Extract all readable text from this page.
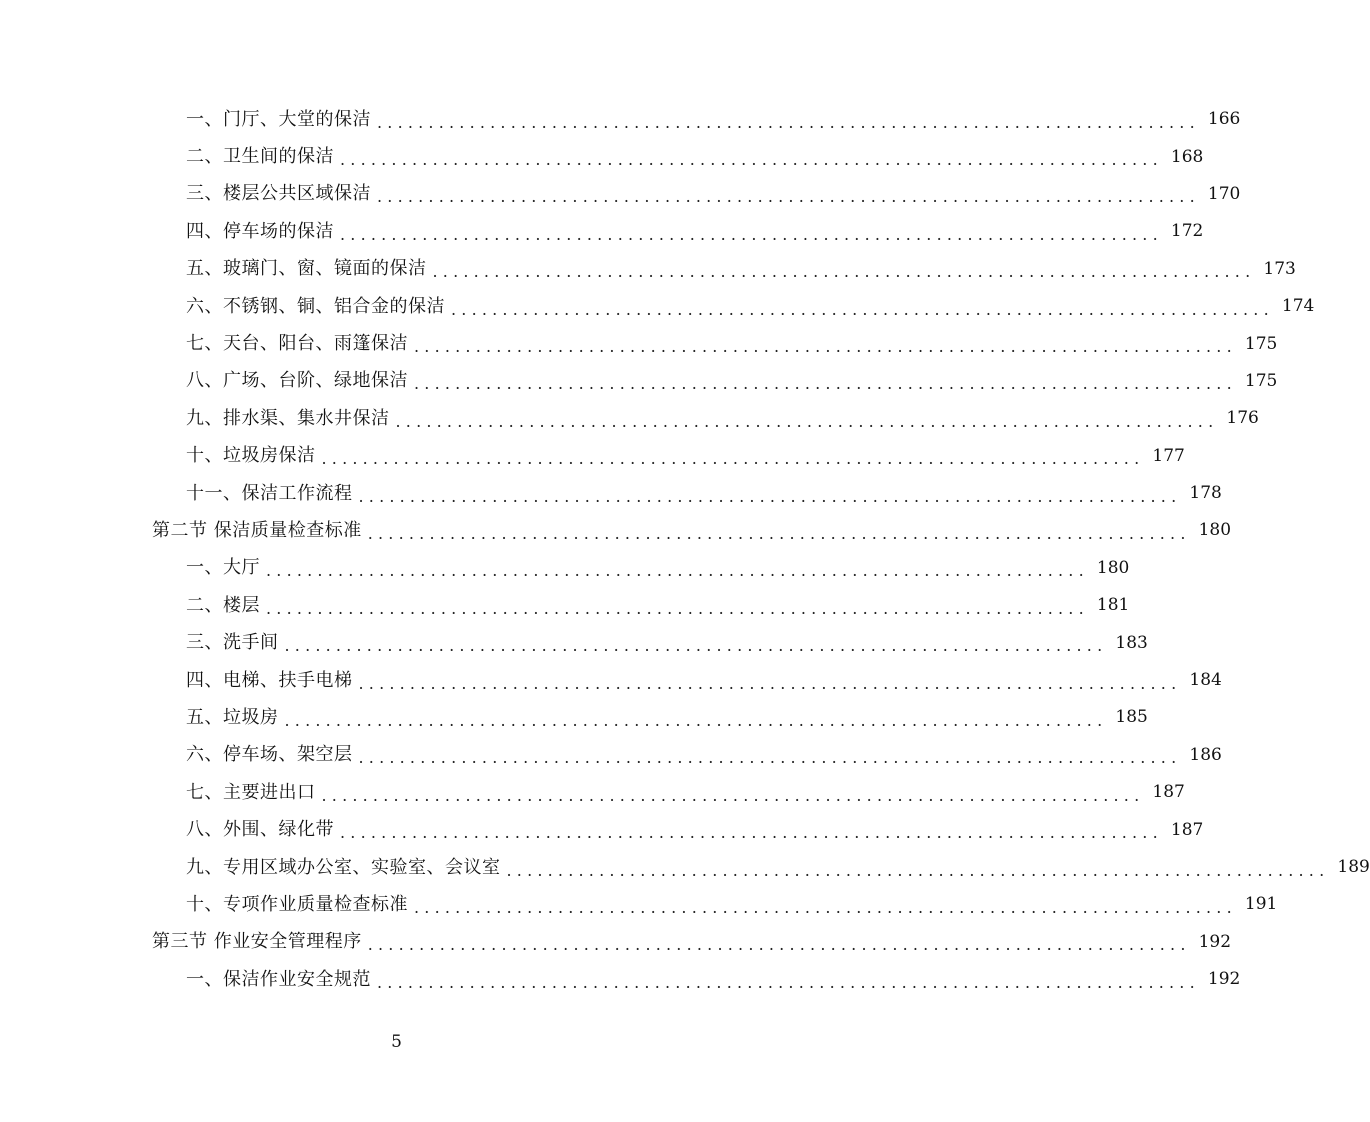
一、门厅、大堂的保洁 ................................................................................ 166
二、卫生间的保洁 ................................................................................ 168
三、楼层公共区域保洁 ................................................................................ 170
四、停车场的保洁 ................................................................................ 172
五、玻璃门、窗、镜面的保洁 ................................................................................ 173
六、不锈钢、铜、铝合金的保洁 ................................................................................ 174
七、天台、阳台、雨篷保洁 ................................................................................ 175
八、广场、台阶、绿地保洁 ................................................................................ 175
九、排水渠、集水井保洁 ................................................................................ 176
十、垃圾房保洁 ................................................................................ 177
十一、保洁工作流程 ................................................................................ 178
第二节 保洁质量检查标准 ................................................................................ 180
一、大厅 ................................................................................ 180
二、楼层 ................................................................................ 181
三、洗手间 ................................................................................ 183
四、电梯、扶手电梯 ................................................................................ 184
五、垃圾房 ................................................................................ 185
六、停车场、架空层 ................................................................................ 186
七、主要进出口 ................................................................................ 187
八、外围、绿化带 ................................................................................ 187
九、专用区域办公室、实验室、会议室 ................................................................................ 189
十、专项作业质量检查标准 ................................................................................ 191
第三节 作业安全管理程序 ................................................................................ 192
一、保洁作业安全规范 ................................................................................ 192
5
